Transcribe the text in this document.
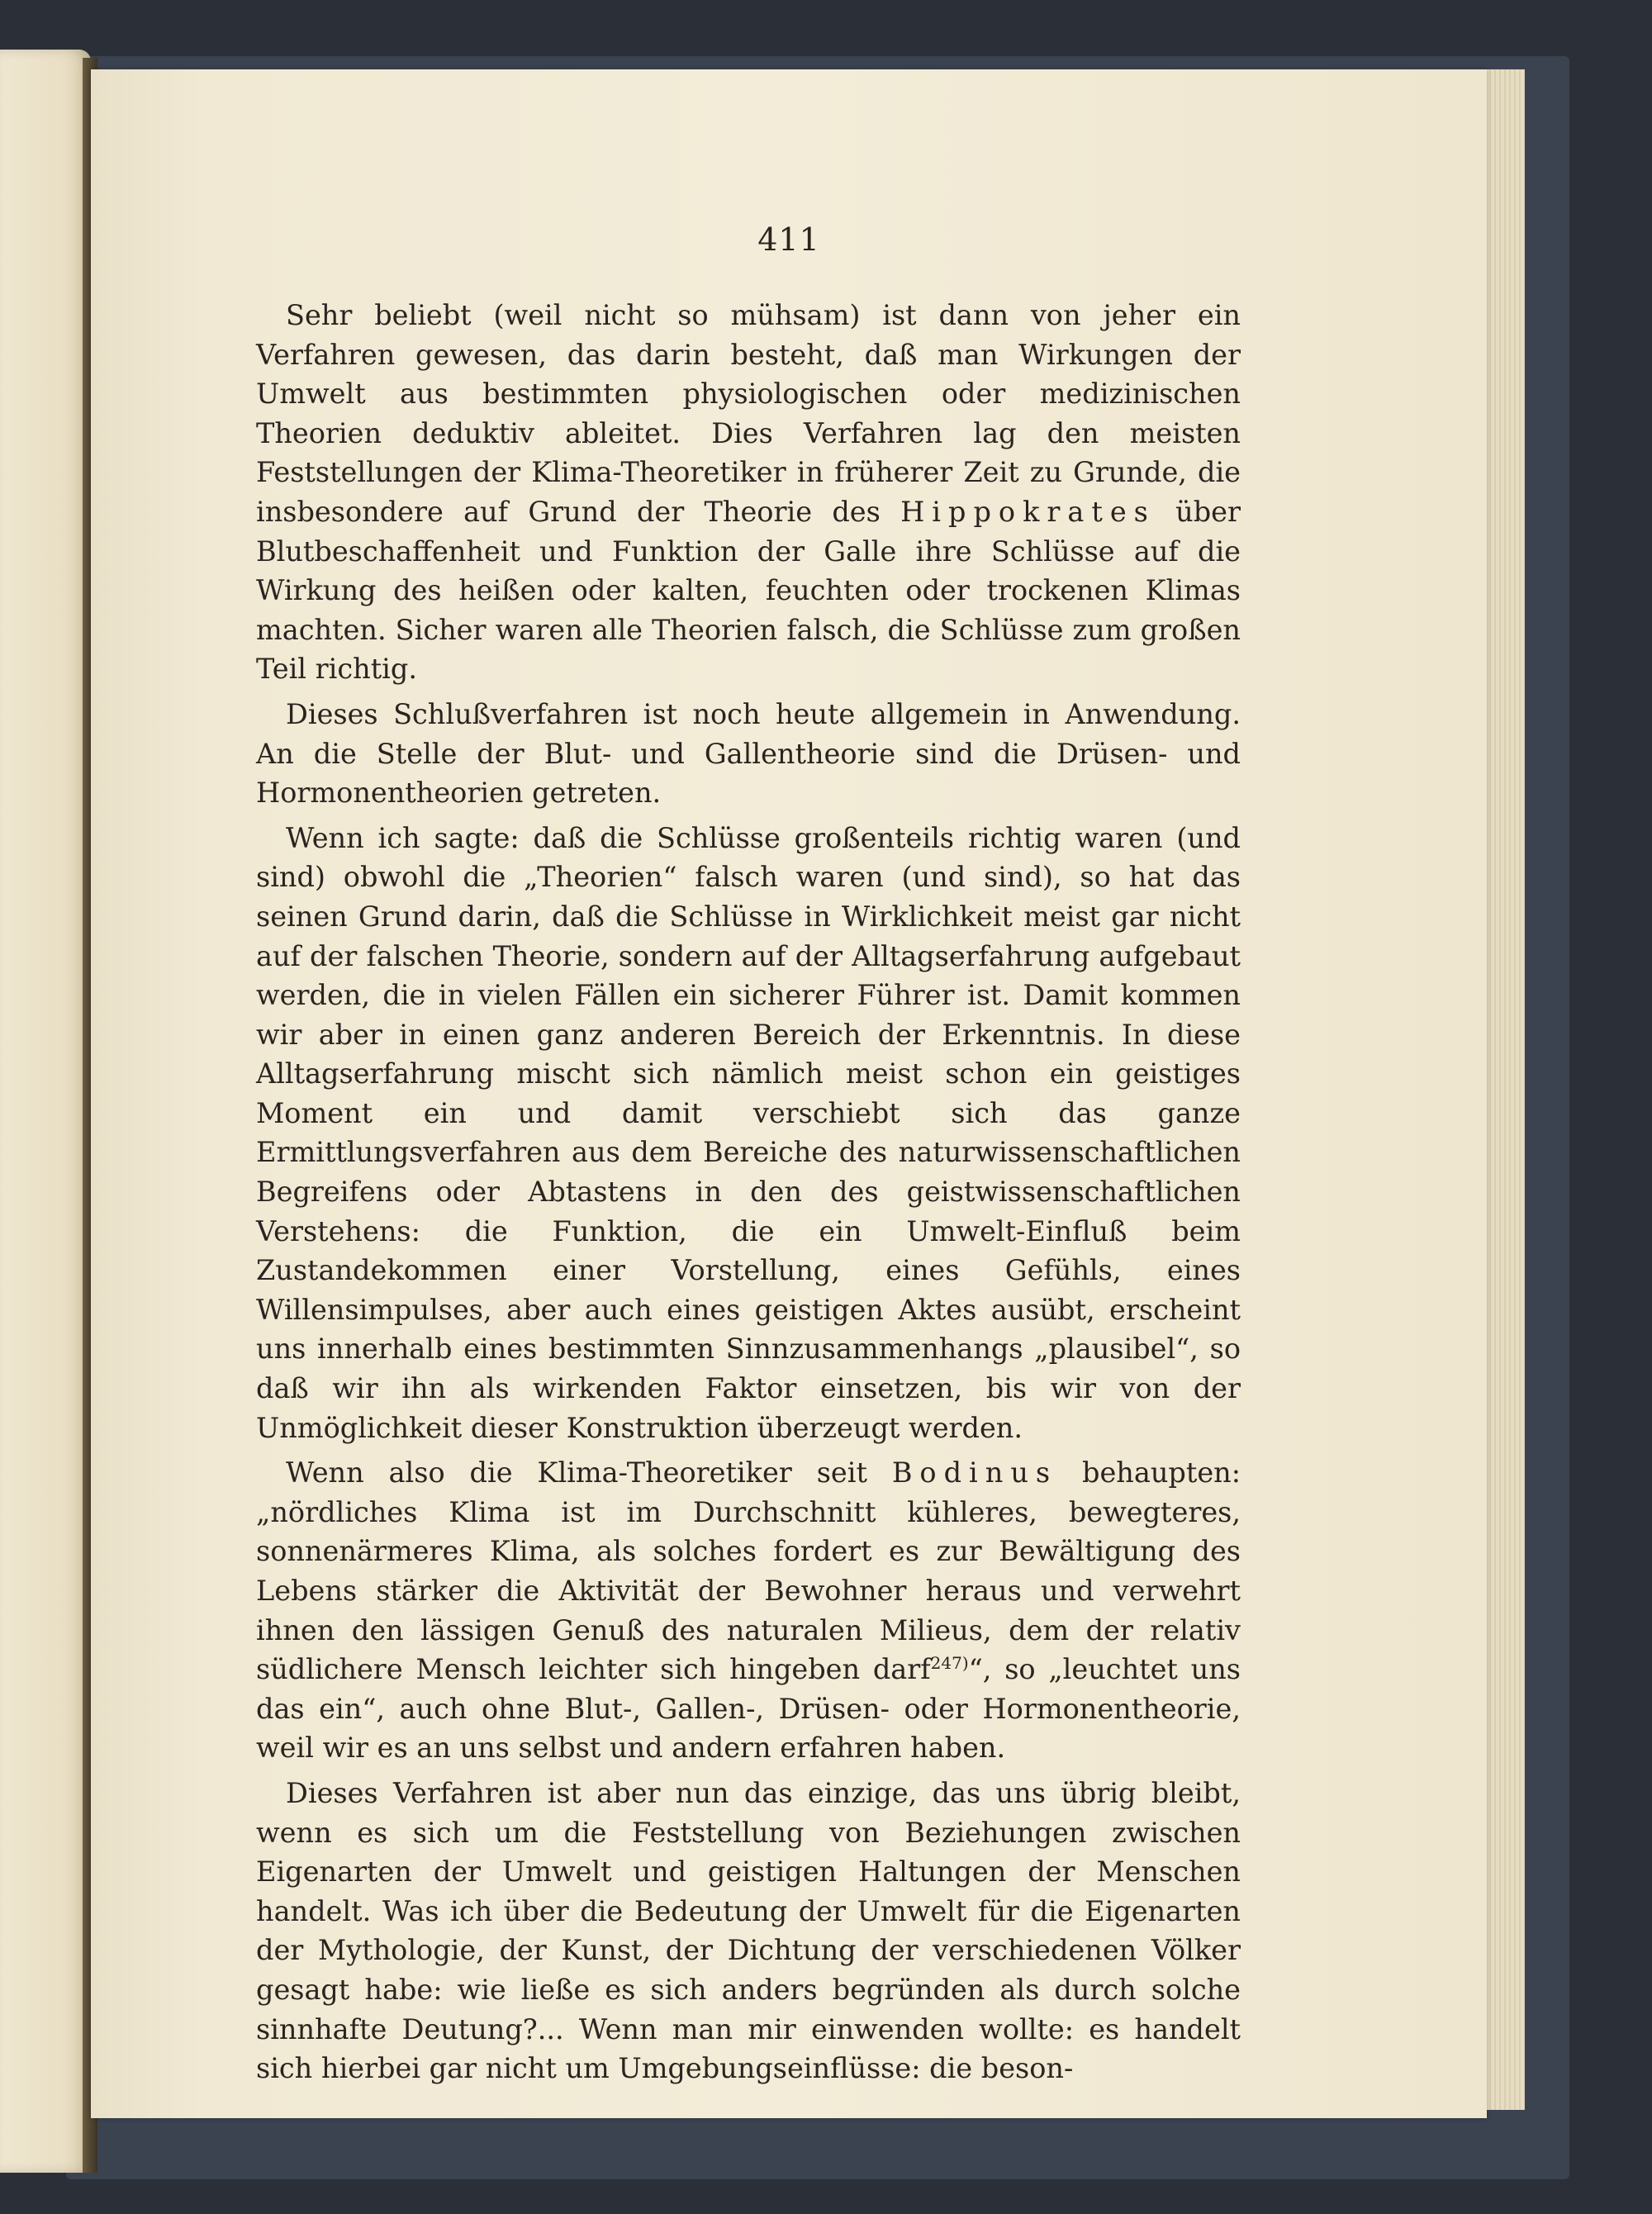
411

Sehr beliebt (weil nicht so mühsam) ist dann von jeher ein Verfahren gewesen, das darin besteht, daß man Wirkungen der Umwelt aus bestimmten physiologischen oder medizinischen Theorien deduktiv ableitet. Dies Verfahren lag den meisten Feststellungen der Klima-Theoretiker in früherer Zeit zu Grunde, die insbesondere auf Grund der Theorie des Hippokrates über Blutbeschaffenheit und Funktion der Galle ihre Schlüsse auf die Wirkung des heißen oder kalten, feuchten oder trockenen Klimas machten. Sicher waren alle Theorien falsch, die Schlüsse zum großen Teil richtig.

Dieses Schlußverfahren ist noch heute allgemein in Anwendung. An die Stelle der Blut- und Gallentheorie sind die Drüsen- und Hormonentheorien getreten.

Wenn ich sagte: daß die Schlüsse großenteils richtig waren (und sind) obwohl die „Theorien“ falsch waren (und sind), so hat das seinen Grund darin, daß die Schlüsse in Wirklichkeit meist gar nicht auf der falschen Theorie, sondern auf der Alltagserfahrung aufgebaut werden, die in vielen Fällen ein sicherer Führer ist. Damit kommen wir aber in einen ganz anderen Bereich der Erkenntnis. In diese Alltagserfahrung mischt sich nämlich meist schon ein geistiges Moment ein und damit verschiebt sich das ganze Ermittlungsverfahren aus dem Bereiche des naturwissenschaftlichen Begreifens oder Abtastens in den des geistwissenschaftlichen Verstehens: die Funktion, die ein Umwelt-Einfluß beim Zustandekommen einer Vorstellung, eines Gefühls, eines Willensimpulses, aber auch eines geistigen Aktes ausübt, erscheint uns innerhalb eines bestimmten Sinnzusammenhangs „plausibel“, so daß wir ihn als wirkenden Faktor einsetzen, bis wir von der Unmöglichkeit dieser Konstruktion überzeugt werden.

Wenn also die Klima-Theoretiker seit Bodinus behaupten: „nördliches Klima ist im Durchschnitt kühleres, bewegteres, sonnenärmeres Klima, als solches fordert es zur Bewältigung des Lebens stärker die Aktivität der Bewohner heraus und verwehrt ihnen den lässigen Genuß des naturalen Milieus, dem der relativ südlichere Mensch leichter sich hingeben darf$^{247)}$“, so „leuchtet uns das ein“, auch ohne Blut-, Gallen-, Drüsen- oder Hormonentheorie, weil wir es an uns selbst und andern erfahren haben.

Dieses Verfahren ist aber nun das einzige, das uns übrig bleibt, wenn es sich um die Feststellung von Beziehungen zwischen Eigenarten der Umwelt und geistigen Haltungen der Menschen handelt. Was ich über die Bedeutung der Umwelt für die Eigenarten der Mythologie, der Kunst, der Dichtung der verschiedenen Völker gesagt habe: wie ließe es sich anders begründen als durch solche sinnhafte Deutung?... Wenn man mir einwenden wollte: es handelt sich hierbei gar nicht um Umgebungseinflüsse: die beson-
